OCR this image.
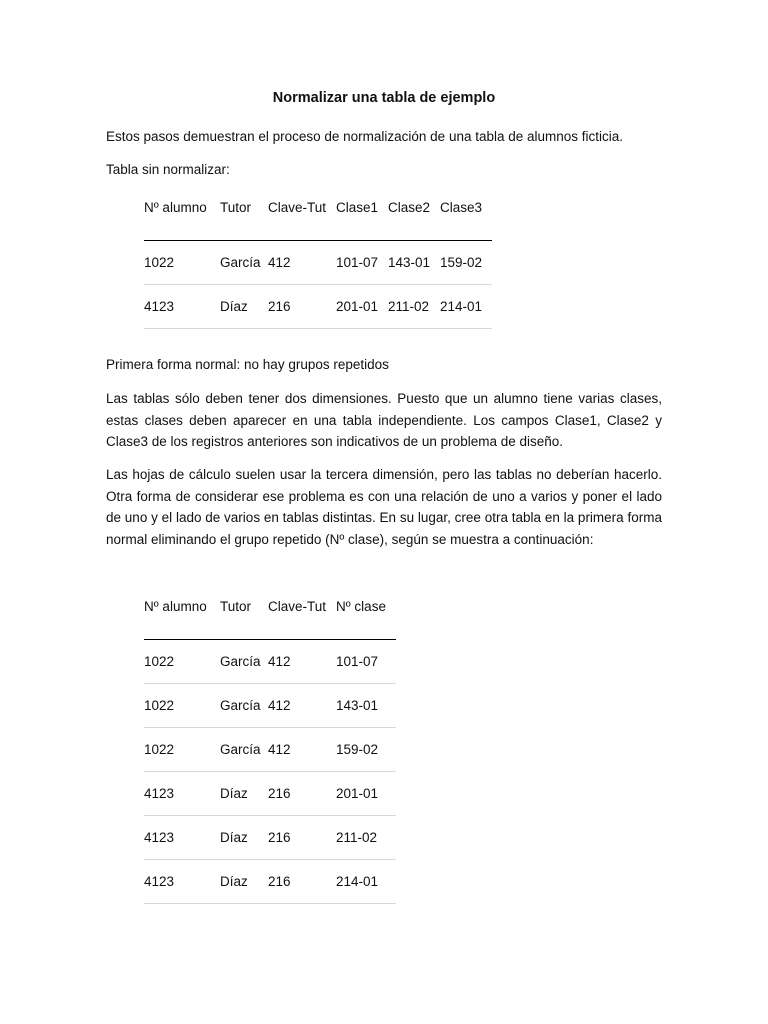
Normalizar una tabla de ejemplo

Estos pasos demuestran el proceso de normalización de una tabla de alumnos ficticia.

Tabla sin normalizar:

Nº alumno	Tutor	Clave-Tut	Clase1	Clase2	Clase3
1022	García	412	101-07	143-01	159-02
4123	Díaz	216	201-01	211-02	214-01

Primera forma normal: no hay grupos repetidos

Las tablas sólo deben tener dos dimensiones. Puesto que un alumno tiene varias clases, estas clases deben aparecer en una tabla independiente. Los campos Clase1, Clase2 y Clase3 de los registros anteriores son indicativos de un problema de diseño.

Las hojas de cálculo suelen usar la tercera dimensión, pero las tablas no deberían hacerlo. Otra forma de considerar ese problema es con una relación de uno a varios y poner el lado de uno y el lado de varios en tablas distintas. En su lugar, cree otra tabla en la primera forma normal eliminando el grupo repetido (Nº clase), según se muestra a continuación:

Nº alumno	Tutor	Clave-Tut	Nº clase
1022	García	412	101-07
1022	García	412	143-01
1022	García	412	159-02
4123	Díaz	216	201-01
4123	Díaz	216	211-02
4123	Díaz	216	214-01
